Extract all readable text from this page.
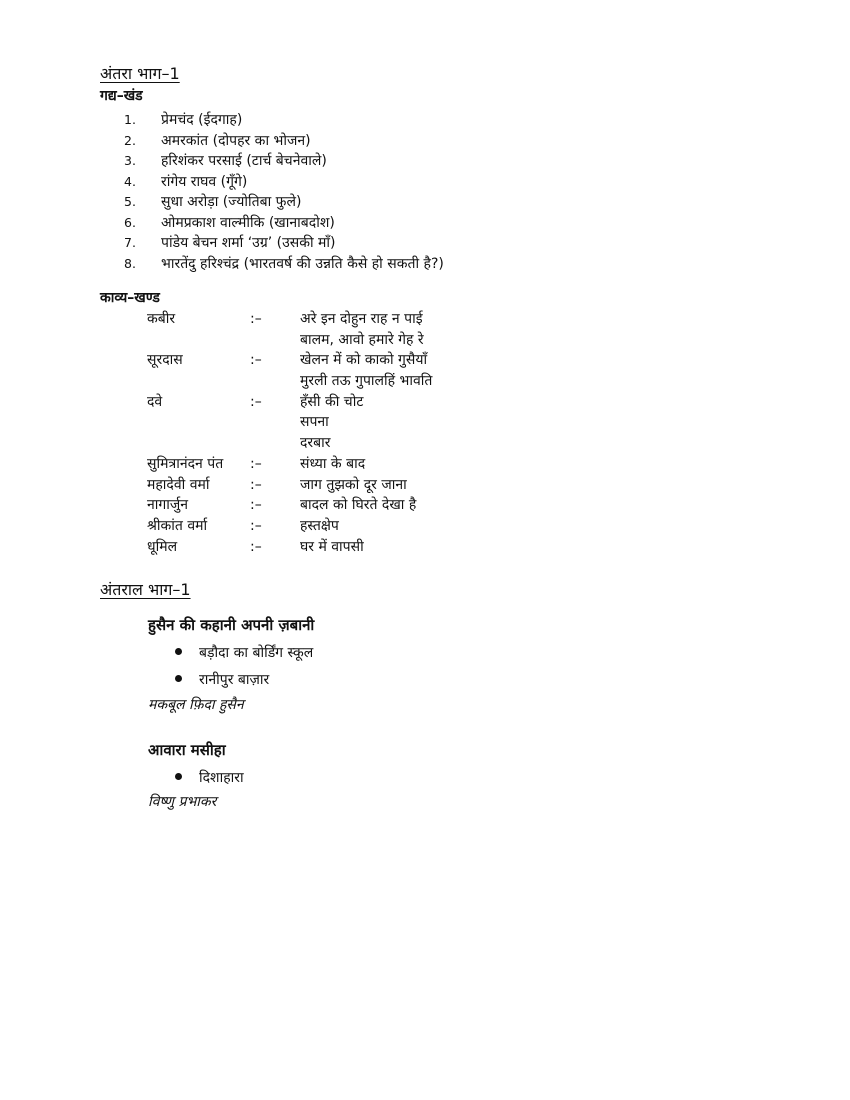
अंतरा भाग–1
गद्य–खंड
1. प्रेमचंद (ईदगाह)
2. अमरकांत (दोपहर का भोजन)
3. हरिशंकर परसाई (टार्च बेचनेवाले)
4. रांगेय राघव (गूँगे)
5. सुधा अरोड़ा (ज्योतिबा फुले)
6. ओमप्रकाश वाल्मीकि (खानाबदोश)
7. पांडेय बेचन शर्मा ‘उग्र’ (उसकी माँ)
8. भारतेंदु हरिश्चंद्र (भारतवर्ष की उन्नति कैसे हो सकती है?)
काव्य–खण्ड
कबीर	:–	अरे इन दोहुन राह न पाई
बालम, आवो हमारे गेह रे
सूरदास	:–	खेलन में को काको गुसैयाँ
मुरली तऊ गुपालहिं भावति
दवे	:–	हँसी की चोट
सपना
दरबार
सुमित्रानंदन पंत :–	संध्या के बाद
महादेवी वर्मा	:–	जाग तुझको दूर जाना
नागार्जुन	:–	बादल को घिरते देखा है
श्रीकांत वर्मा	:–	हस्तक्षेप
धूमिल	:–	घर में वापसी
अंतराल भाग–1
हुसैन की कहानी अपनी ज़बानी
बड़ौदा का बोर्डिंग स्कूल
रानीपुर बाज़ार
मकबूल फ़िदा हुसैन
आवारा मसीहा
दिशाहारा
विष्णु प्रभाकर
